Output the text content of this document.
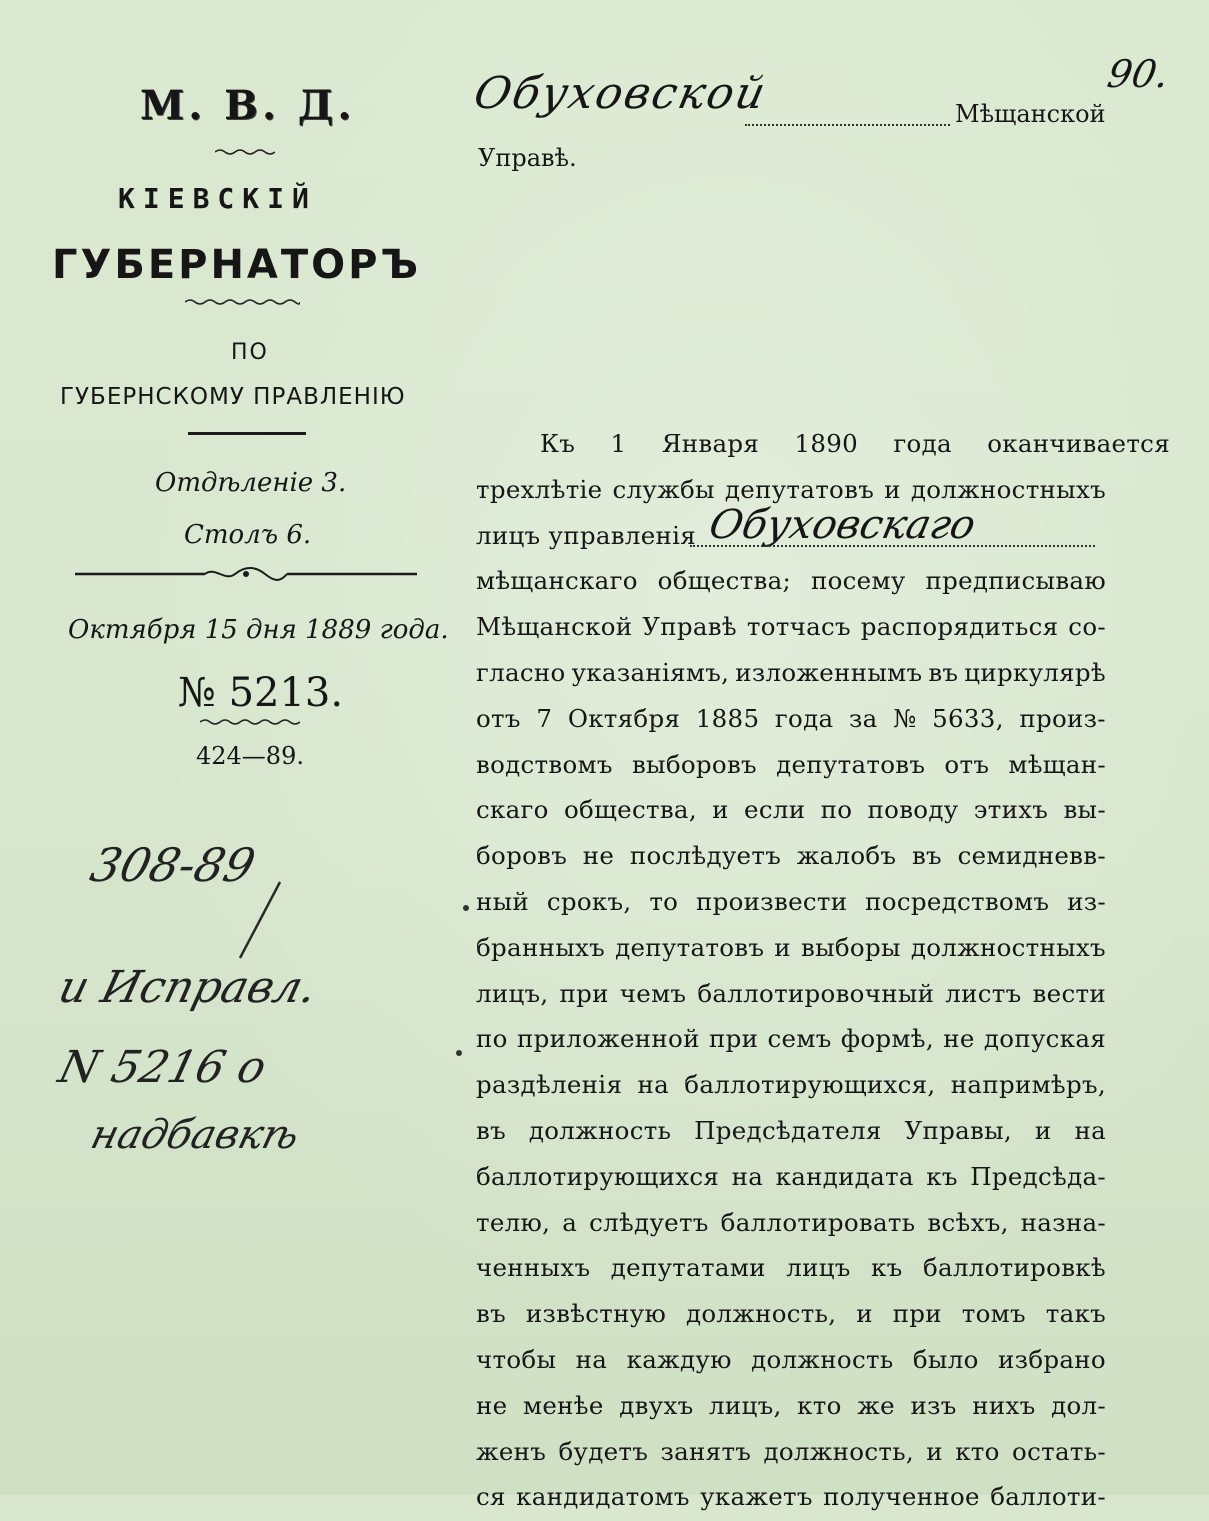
М. В. Д.
КІЕВСКІЙ
ГУБЕРНАТОРЪ
ПО
ГУБЕРНСКОМУ ПРАВЛЕНІЮ
Отдѣленіе 3.
Столъ 6.
Октября 15 дня 1889 года.
№ 5213.
424—89.
308-89
и Исправл.
N 5216 о
надбавкѣ
90.
Обуховской	Мѣщанской
Управѣ.
Къ 1 Января 1890 года оканчивается
трехлѣтіе службы депутатовъ и должностныхъ
лицъ управленія
мѣщанскаго общества; посему предписываю
Мѣщанской Управѣ тотчасъ распорядиться со-
гласно указаніямъ, изложеннымъ въ циркулярѣ
отъ 7 Октября 1885 года за № 5633, произ-
водствомъ выборовъ депутатовъ отъ мѣщан-
скаго общества, и если по поводу этихъ вы-
боровъ не послѣдуетъ жалобъ въ семидневв-
ный срокъ, то произвести посредствомъ из-
бранныхъ депутатовъ и выборы должностныхъ
лицъ, при чемъ баллотировочный листъ вести
по приложенной при семъ формѣ, не допуская
раздѣленія на баллотирующихся, напримѣръ,
въ должность Предсѣдателя Управы, и на
баллотирующихся на кандидата къ Предсѣда-
телю, а слѣдуетъ баллотировать всѣхъ, назна-
ченныхъ депутатами лицъ къ баллотировкѣ
въ извѣстную должность, и при томъ такъ
чтобы на каждую должность было избрано
не менѣе двухъ лицъ, кто же изъ нихъ дол-
женъ будетъ занятъ должность, и кто остать-
ся кандидатомъ укажетъ полученное баллоти-
Обуховскаго
